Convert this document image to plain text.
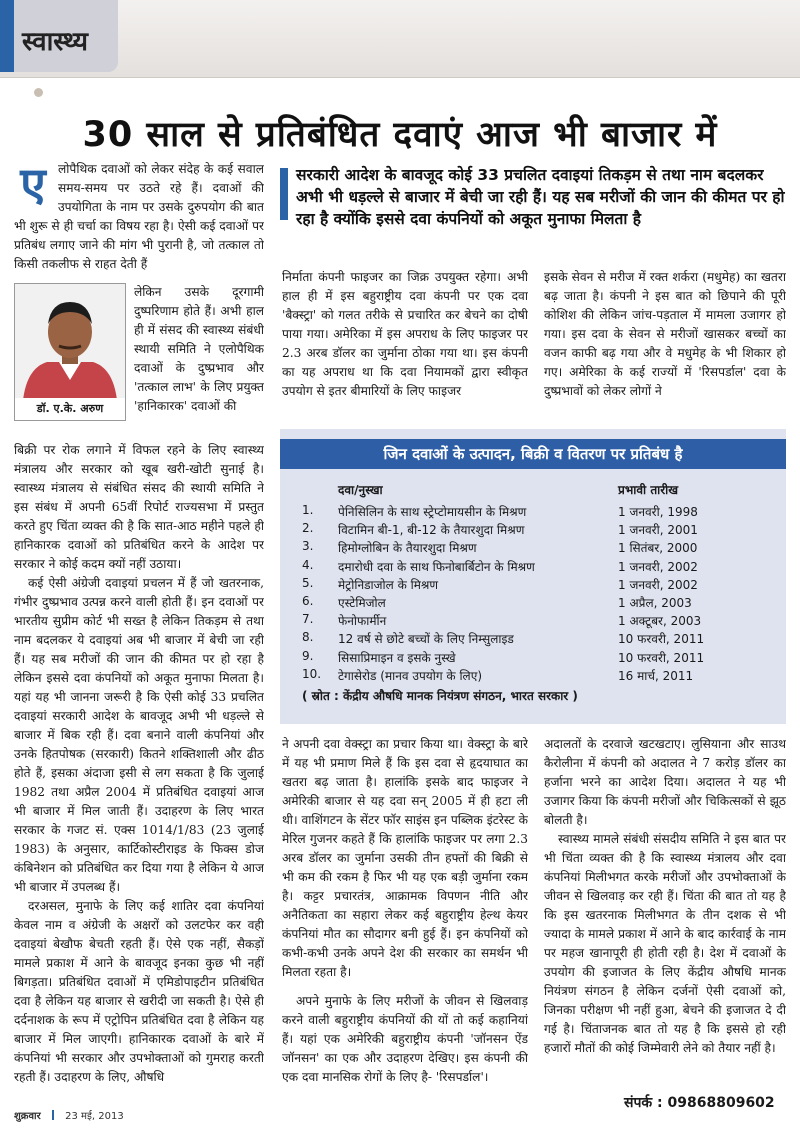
स्वास्थ्य
30 साल से प्रतिबंधित दवाएं आज भी बाजार में
ए	लोपैथिक दवाओं को लेकर संदेह के कई सवाल समय-समय पर उठते रहे हैं। दवाओं की उपयोगिता के नाम पर उसके दुरुपयोग की बात भी शुरू से ही चर्चा का विषय रहा है। ऐसी कई दवाओं पर प्रतिबंध लगाए जाने की मांग भी पुरानी है, जो तत्काल तो किसी तकलीफ से राहत देती हैं

डॉ. ए.के. अरुण

लेकिन उसके दूरगामी दुष्परिणाम होते हैं। अभी हाल ही में संसद की स्वास्थ्य संबंधी स्थायी समिति ने एलोपैथिक दवाओं के दुष्प्रभाव और 'तत्काल लाभ' के लिए प्रयुक्त 'हानिकारक' दवाओं की

बिक्री पर रोक लगाने में विफल रहने के लिए स्वास्थ्य मंत्रालय और सरकार को खूब खरी-खोटी सुनाई है। स्वास्थ्य मंत्रालय से संबंधित संसद की स्थायी समिति ने इस संबंध में अपनी 65वीं रिपोर्ट राज्यसभा में प्रस्तुत करते हुए चिंता व्यक्त की है कि सात-आठ महीने पहले ही हानिकारक दवाओं को प्रतिबंधित करने के आदेश पर सरकार ने कोई कदम क्यों नहीं उठाया।

कई ऐसी अंग्रेजी दवाइयां प्रचलन में हैं जो खतरनाक, गंभीर दुष्प्रभाव उत्पन्न करने वाली होती हैं। इन दवाओं पर भारतीय सुप्रीम कोर्ट भी सख्त है लेकिन तिकड़म से तथा नाम बदलकर ये दवाइयां अब भी बाजार में बेची जा रही हैं। यह सब मरीजों की जान की कीमत पर हो रहा है लेकिन इससे दवा कंपनियों को अकूत मुनाफा मिलता है। यहां यह भी जानना जरूरी है कि ऐसी कोई 33 प्रचलित दवाइयां सरकारी आदेश के बावजूद अभी भी धड़ल्ले से बाजार में बिक रही हैं। दवा बनाने वाली कंपनियां और उनके हितपोषक (सरकारी) कितने शक्तिशाली और ढीठ होते हैं, इसका अंदाजा इसी से लग सकता है कि जुलाई 1982 तथा अप्रैल 2004 में प्रतिबंधित दवाइयां आज भी बाजार में मिल जाती हैं। उदाहरण के लिए भारत सरकार के गजट सं. एक्स 1014/1/83 (23 जुलाई 1983) के अनुसार, कार्टिकोस्टीराइड के फिक्स डोज कंबिनेशन को प्रतिबंधित कर दिया गया है लेकिन ये आज भी बाजार में उपलब्ध हैं।

दरअसल, मुनाफे के लिए कई शातिर दवा कंपनियां केवल नाम व अंग्रेजी के अक्षरों को उलटफेर कर वही दवाइयां बेखौफ बेचती रहती हैं। ऐसे एक नहीं, सैकड़ों मामले प्रकाश में आने के बावजूद इनका कुछ भी नहीं बिगड़ता। प्रतिबंधित दवाओं में एमिडोपाइटीन प्रतिबंधित दवा है लेकिन यह बाजार से खरीदी जा सकती है। ऐसे ही दर्दनाशक के रूप में एट्रोपिन प्रतिबंधित दवा है लेकिन यह बाजार में मिल जाएगी। हानिकारक दवाओं के बारे में कंपनियां भी सरकार और उपभोक्ताओं को गुमराह करती रहती हैं। उदाहरण के लिए, औषधि

सरकारी आदेश के बावजूद कोई 33 प्रचलित दवाइयां तिकड़म से तथा नाम बदलकर अभी भी धड़ल्ले से बाजार में बेची जा रही हैं। यह सब मरीजों की जान की कीमत पर हो रहा है क्योंकि इससे दवा कंपनियों को अकूत मुनाफा मिलता है

निर्माता कंपनी फाइजर का जिक्र उपयुक्त रहेगा। अभी हाल ही में इस बहुराष्ट्रीय दवा कंपनी पर एक दवा 'बैक्स्ट्रा' को गलत तरीके से प्रचारित कर बेचने का दोषी पाया गया। अमेरिका में इस अपराध के लिए फाइजर पर 2.3 अरब डॉलर का जुर्माना ठोका गया था। इस कंपनी का यह अपराध था कि दवा नियामकों द्वारा स्वीकृत उपयोग से इतर बीमारियों के लिए फाइजर

इसके सेवन से मरीज में रक्त शर्करा (मधुमेह) का खतरा बढ़ जाता है। कंपनी ने इस बात को छिपाने की पूरी कोशिश की लेकिन जांच-पड़ताल में मामला उजागर हो गया। इस दवा के सेवन से मरीजों खासकर बच्चों का वजन काफी बढ़ गया और वे मधुमेह के भी शिकार हो गए। अमेरिका के कई राज्यों में 'रिसपर्डाल' दवा के दुष्प्रभावों को लेकर लोगों ने

जिन दवाओं के उत्पादन, बिक्री व वितरण पर प्रतिबंध है
दवा/नुस्खा	प्रभावी तारीख
1. पेनिसिलिन के साथ स्ट्रेप्टोमायसीन के मिश्रण	1 जनवरी, 1998
2. विटामिन बी-1, बी-12 के तैयारशुदा मिश्रण	1 जनवरी, 2001
3. हिमोग्लोबिन के तैयारशुदा मिश्रण	1 सितंबर, 2000
4. दमारोधी दवा के साथ फिनोबार्बिटोन के मिश्रण	1 जनवरी, 2002
5. मेट्रोनिडाजोल के मिश्रण	1 जनवरी, 2002
6. एस्टेमिजोल	1 अप्रैल, 2003
7. फेनोफार्मीन	1 अक्टूबर, 2003
8. 12 वर्ष से छोटे बच्चों के लिए निम्सुलाइड	10 फरवरी, 2011
9. सिसाप्रिमाइन व इसके नुस्खे	10 फरवरी, 2011
10. टेगासेरोड (मानव उपयोग के लिए)	16 मार्च, 2011
( स्रोत : केंद्रीय औषधि मानक नियंत्रण संगठन, भारत सरकार )

ने अपनी दवा वेक्स्ट्रा का प्रचार किया था। वेक्स्ट्रा के बारे में यह भी प्रमाण मिले हैं कि इस दवा से हृदयाघात का खतरा बढ़ जाता है। हालांकि इसके बाद फाइजर ने अमेरिकी बाजार से यह दवा सन् 2005 में ही हटा ली थी। वाशिंगटन के सेंटर फॉर साइंस इन पब्लिक इंटरेस्ट के मेरिल गुजनर कहते हैं कि हालांकि फाइजर पर लगा 2.3 अरब डॉलर का जुर्माना उसकी तीन हफ्तों की बिक्री से भी कम की रकम है फिर भी यह एक बड़ी जुर्माना रकम है। कट्टर प्रचारतंत्र, आक्रामक विपणन नीति और अनैतिकता का सहारा लेकर कई बहुराष्ट्रीय हेल्थ केयर कंपनियां मौत का सौदागर बनी हुई हैं। इन कंपनियों को कभी-कभी उनके अपने देश की सरकार का समर्थन भी मिलता रहता है।

अपने मुनाफे के लिए मरीजों के जीवन से खिलवाड़ करने वाली बहुराष्ट्रीय कंपनियों की यों तो कई कहानियां हैं। यहां एक अमेरिकी बहुराष्ट्रीय कंपनी 'जॉनसन ऐंड जॉनसन' का एक और उदाहरण देखिए। इस कंपनी की एक दवा मानसिक रोगों के लिए है- 'रिसपर्डाल'।

अदालतों के दरवाजे खटखटाए। लुसियाना और साउथ कैरोलीना में कंपनी को अदालत ने 7 करोड़ डॉलर का हर्जाना भरने का आदेश दिया। अदालत ने यह भी उजागर किया कि कंपनी मरीजों और चिकित्सकों से झूठ बोलती है।

स्वास्थ्य मामले संबंधी संसदीय समिति ने इस बात पर भी चिंता व्यक्त की है कि स्वास्थ्य मंत्रालय और दवा कंपनियां मिलीभगत करके मरीजों और उपभोक्ताओं के जीवन से खिलवाड़ कर रही हैं। चिंता की बात तो यह है कि इस खतरनाक मिलीभगत के तीन दशक से भी ज्यादा के मामले प्रकाश में आने के बाद कार्रवाई के नाम पर महज खानापूरी ही होती रही है। देश में दवाओं के उपयोग की इजाजत के लिए केंद्रीय औषधि मानक नियंत्रण संगठन है लेकिन दर्जनों ऐसी दवाओं को, जिनका परीक्षण भी नहीं हुआ, बेचने की इजाजत दे दी गई है। चिंताजनक बात तो यह है कि इससे हो रही हजारों मौतों की कोई जिम्मेवारी लेने को तैयार नहीं है।

संपर्क : 09868809602
शुक्रवार 23 मई, 2013
